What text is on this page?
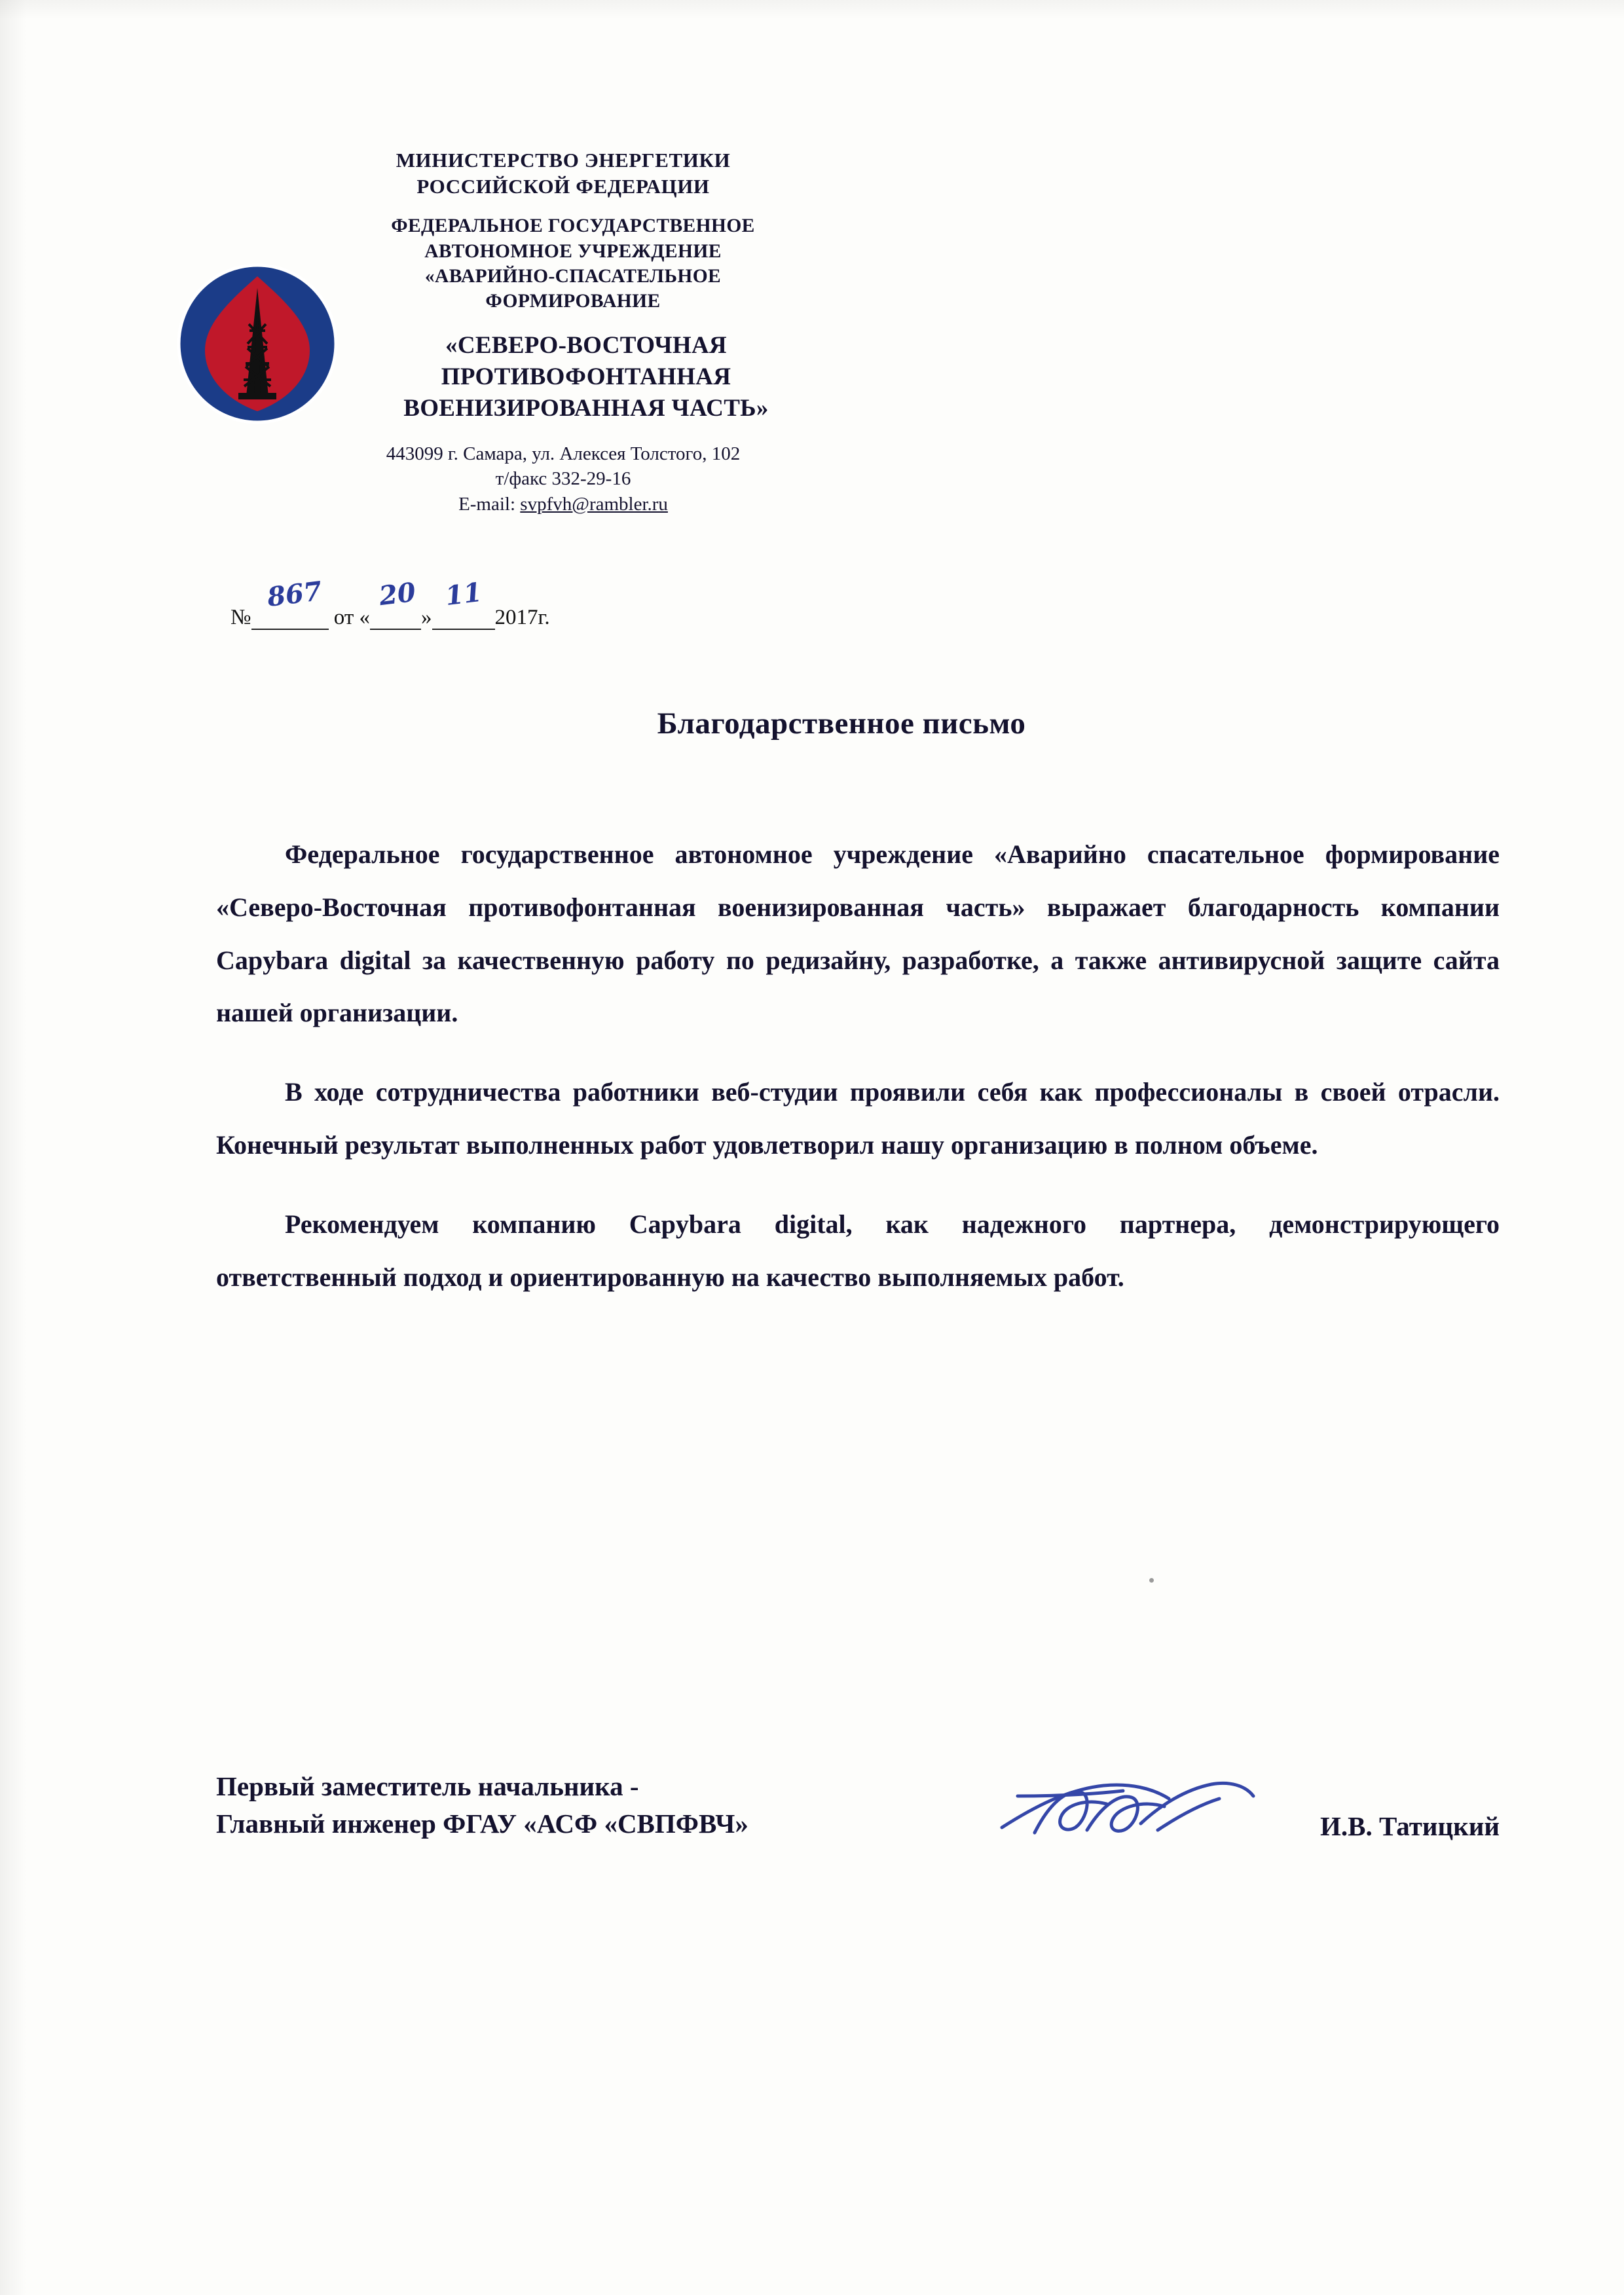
МИНИСТЕРСТВО ЭНЕРГЕТИКИ
РОССИЙСКОЙ ФЕДЕРАЦИИ
ФЕДЕРАЛЬНОЕ ГОСУДАРСТВЕННОЕ
АВТОНОМНОЕ УЧРЕЖДЕНИЕ
«АВАРИЙНО-СПАСАТЕЛЬНОЕ
ФОРМИРОВАНИЕ
«СЕВЕРО-ВОСТОЧНАЯ
ПРОТИВОФОНТАННАЯ
ВОЕНИЗИРОВАННАЯ ЧАСТЬ»
443099 г. Самара, ул. Алексея Толстого, 102
т/факс 332-29-16
E-mail: svpfvh@rambler.ru
№
867
от «
20
»
11
2017г.
Благодарственное письмо

Федеральное государственное автономное учреждение «Аварийно спасательное формирование «Северо-Восточная противофонтанная военизированная часть» выражает благодарность компании Capybara digital за качественную работу по редизайну, разработке, а также антивирусной защите сайта нашей организации.

В ходе сотрудничества работники веб-студии проявили себя как профессионалы в своей отрасли. Конечный результат выполненных работ удовлетворил нашу организацию в полном объеме.

Рекомендуем компанию Capybara digital, как надежного партнера, демонстрирующего ответственный подход и ориентированную на качество выполняемых работ.

Первый заместитель начальника -
Главный инженер ФГАУ «АСФ «СВПФВЧ»	И.В. Татицкий
